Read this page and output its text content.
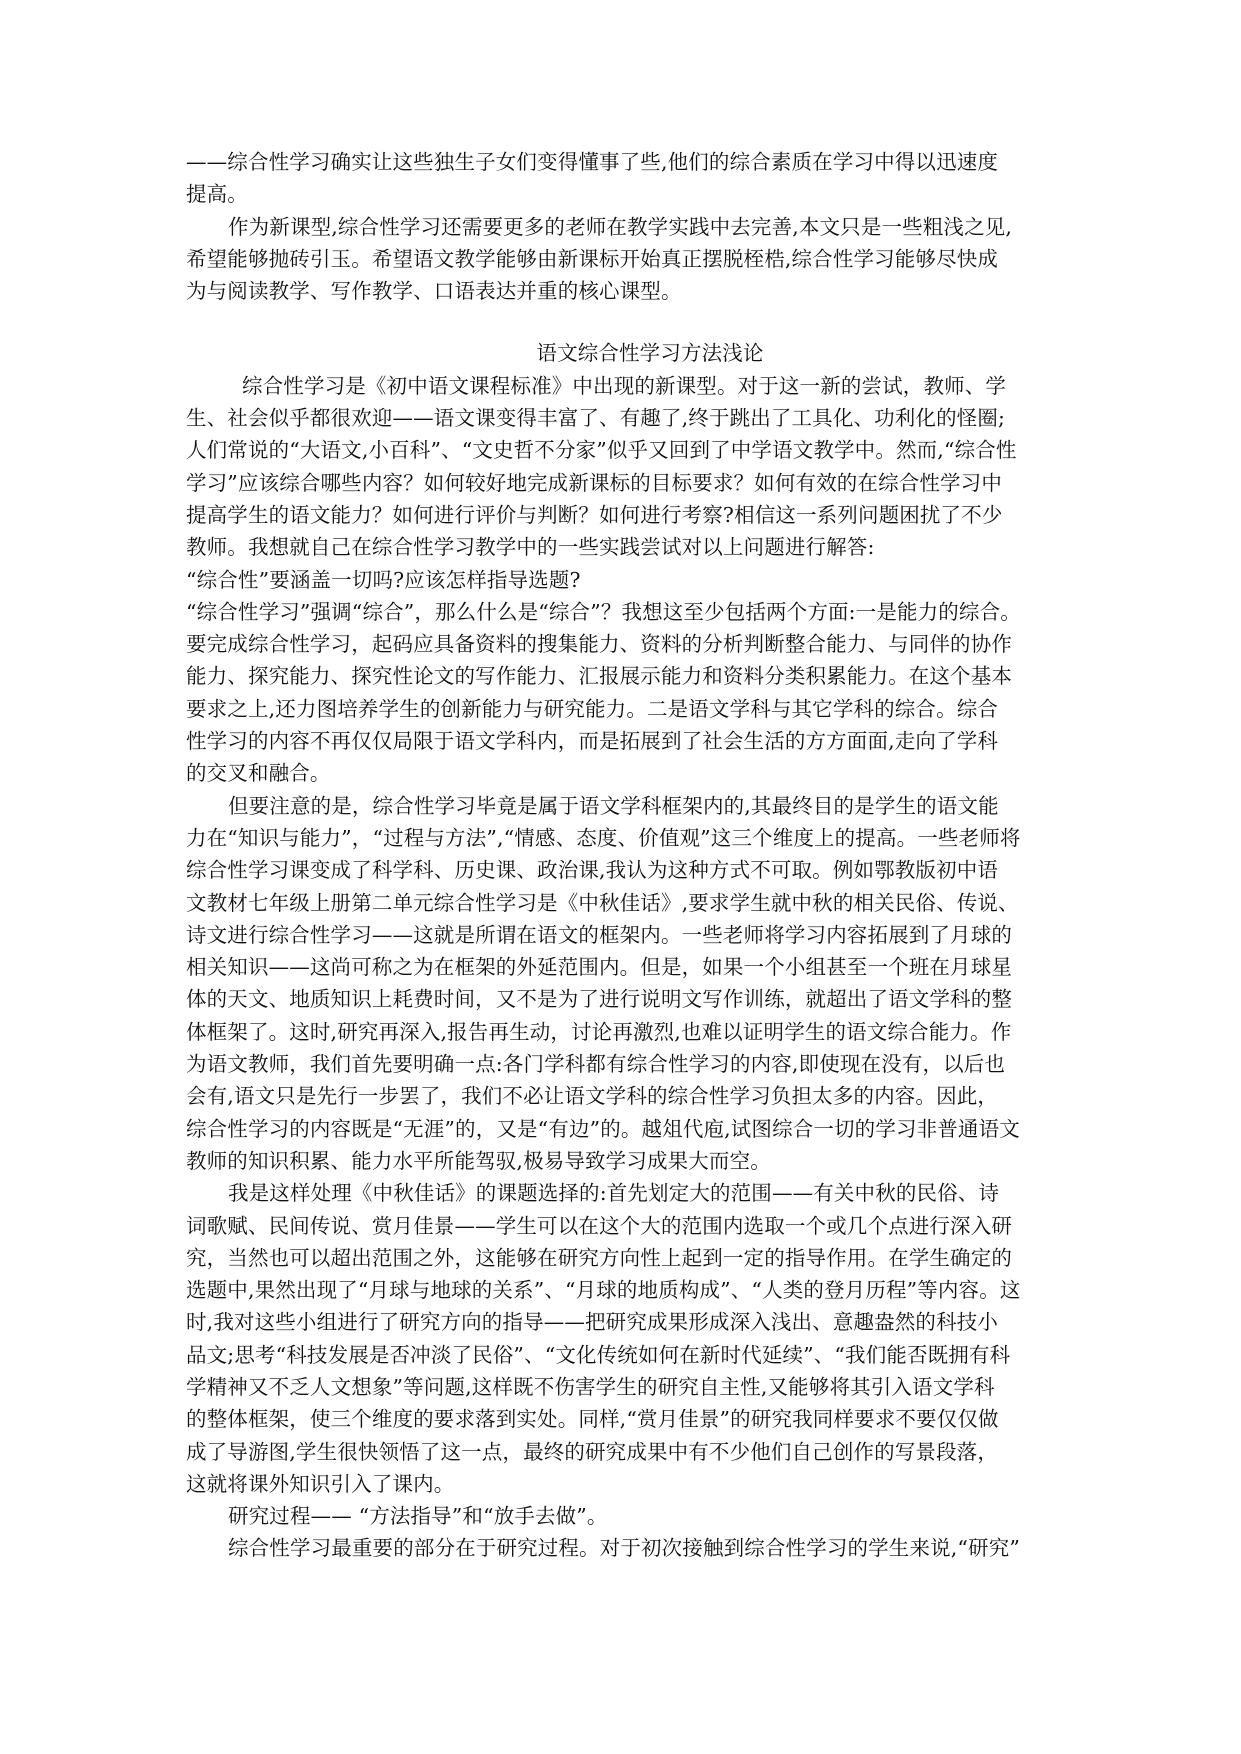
——综合性学习确实让这些独生子女们变得懂事了些,他们的综合素质在学习中得以迅速度
提高。
作为新课型,综合性学习还需要更多的老师在教学实践中去完善,本文只是一些粗浅之见,
希望能够抛砖引玉。希望语文教学能够由新课标开始真正摆脱桎梏,综合性学习能够尽快成
为与阅读教学、写作教学、口语表达并重的核心课型。
语文综合性学习方法浅论
综合性学习是《初中语文课程标准》中出现的新课型。对于这一新的尝试，教师、学
生、社会似乎都很欢迎——语文课变得丰富了、有趣了,终于跳出了工具化、功利化的怪圈;
人们常说的“大语文,小百科”、“文史哲不分家”似乎又回到了中学语文教学中。然而,“综合性
学习”应该综合哪些内容？如何较好地完成新课标的目标要求？如何有效的在综合性学习中
提高学生的语文能力？如何进行评价与判断？如何进行考察?相信这一系列问题困扰了不少
教师。我想就自己在综合性学习教学中的一些实践尝试对以上问题进行解答:
“综合性”要涵盖一切吗?应该怎样指导选题?
“综合性学习”强调“综合”，那么什么是“综合”？我想这至少包括两个方面:一是能力的综合。
要完成综合性学习，起码应具备资料的搜集能力、资料的分析判断整合能力、与同伴的协作
能力、探究能力、探究性论文的写作能力、汇报展示能力和资料分类积累能力。在这个基本
要求之上,还力图培养学生的创新能力与研究能力。二是语文学科与其它学科的综合。综合
性学习的内容不再仅仅局限于语文学科内，而是拓展到了社会生活的方方面面,走向了学科
的交叉和融合。
但要注意的是，综合性学习毕竟是属于语文学科框架内的,其最终目的是学生的语文能
力在“知识与能力”，“过程与方法”,“情感、态度、价值观”这三个维度上的提高。一些老师将
综合性学习课变成了科学科、历史课、政治课,我认为这种方式不可取。例如鄂教版初中语
文教材七年级上册第二单元综合性学习是《中秋佳话》,要求学生就中秋的相关民俗、传说、
诗文进行综合性学习——这就是所谓在语文的框架内。一些老师将学习内容拓展到了月球的
相关知识——这尚可称之为在框架的外延范围内。但是，如果一个小组甚至一个班在月球星
体的天文、地质知识上耗费时间，又不是为了进行说明文写作训练，就超出了语文学科的整
体框架了。这时,研究再深入,报告再生动，讨论再激烈,也难以证明学生的语文综合能力。作
为语文教师，我们首先要明确一点:各门学科都有综合性学习的内容,即使现在没有，以后也
会有,语文只是先行一步罢了，我们不必让语文学科的综合性学习负担太多的内容。因此，
综合性学习的内容既是“无涯”的，又是“有边”的。越俎代庖,试图综合一切的学习非普通语文
教师的知识积累、能力水平所能驾驭,极易导致学习成果大而空。
我是这样处理《中秋佳话》的课题选择的:首先划定大的范围——有关中秋的民俗、诗
词歌赋、民间传说、赏月佳景——学生可以在这个大的范围内选取一个或几个点进行深入研
究，当然也可以超出范围之外，这能够在研究方向性上起到一定的指导作用。在学生确定的
选题中,果然出现了“月球与地球的关系”、“月球的地质构成”、“人类的登月历程”等内容。这
时,我对这些小组进行了研究方向的指导——把研究成果形成深入浅出、意趣盎然的科技小
品文;思考“科技发展是否冲淡了民俗”、“文化传统如何在新时代延续”、“我们能否既拥有科
学精神又不乏人文想象”等问题,这样既不伤害学生的研究自主性,又能够将其引入语文学科
的整体框架，使三个维度的要求落到实处。同样,“赏月佳景”的研究我同样要求不要仅仅做
成了导游图,学生很快领悟了这一点，最终的研究成果中有不少他们自己创作的写景段落，
这就将课外知识引入了课内。
研究过程—— “方法指导”和“放手去做”。
综合性学习最重要的部分在于研究过程。对于初次接触到综合性学习的学生来说,“研究”
